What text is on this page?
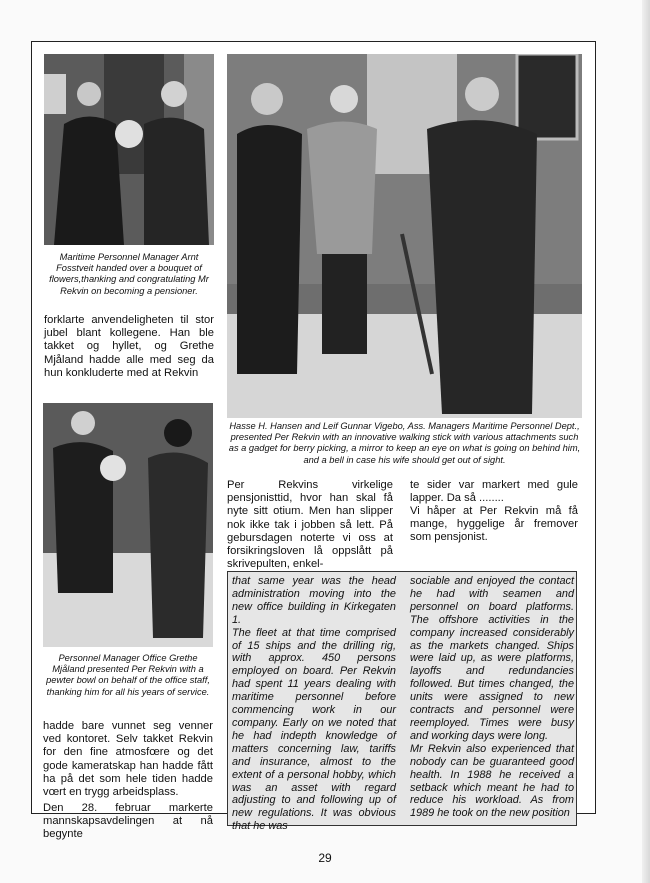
Maritime Personnel Manager Arnt Fosstveit handed over a bouquet of flowers,thanking and congratulating Mr Rekvin on becoming a pensioner.
Hasse H. Hansen and Leif Gunnar Vigebo, Ass. Managers Maritime Personnel Dept., presented Per Rekvin with an innovative walking stick with various attachments such as a gadget for berry picking, a mirror to keep an eye on what is going on behind him, and a bell in case his wife should get out of sight.
Personnel Manager Office Grethe Mjåland presented Per Rekvin with a pewter bowl on behalf of the office staff, thanking him for all his years of service.
forklarte anvendeligheten til stor jubel blant kollegene. Han ble takket og hyllet, og Grethe Mjåland hadde alle med seg da hun konkluderte med at Rekvin
hadde bare vunnet seg venner ved kontoret. Selv takket Rekvin for den fine atmosfœre og det gode kameratskap han hadde fått ha på det som hele tiden hadde vœrt en trygg arbeidsplass.
Den 28. februar markerte mannskapsavdelingen at nå begynte
Per Rekvins virkelige pensjonisttid, hvor han skal få nyte sitt otium. Men han slipper nok ikke tak i jobben så lett. På gebursdagen noterte vi oss at forsikringsloven lå oppslått på skrivepulten, enkel-
te sider var markert med gule lapper. Da så ........
Vi håper at Per Rekvin må få mange, hyggelige år fremover som pensjonist.
that same year was the head administration moving into the new office building in Kirkegaten 1.
The fleet at that time comprised of 15 ships and the drilling rig, with approx. 450 persons employed on board. Per Rekvin had spent 11 years dealing with maritime personnel before commencing work in our company. Early on we noted that he had indepth knowledge of matters concerning law, tariffs and insurance, almost to the extent of a personal hobby, which was an asset with regard adjusting to and following up of new regulations. It was obvious that he was
sociable and enjoyed the contact he had with seamen and personnel on board platforms. The offshore activities in the company increased considerably as the markets changed. Ships were laid up, as were platforms, layoffs and redundancies followed. But times changed, the units were assigned to new contracts and personnel were reemployed. Times were busy and working days were long.
Mr Rekvin also experienced that nobody can be guaranteed good health. In 1988 he received a setback which meant he had to reduce his workload. As from 1989 he took on the new position
29
